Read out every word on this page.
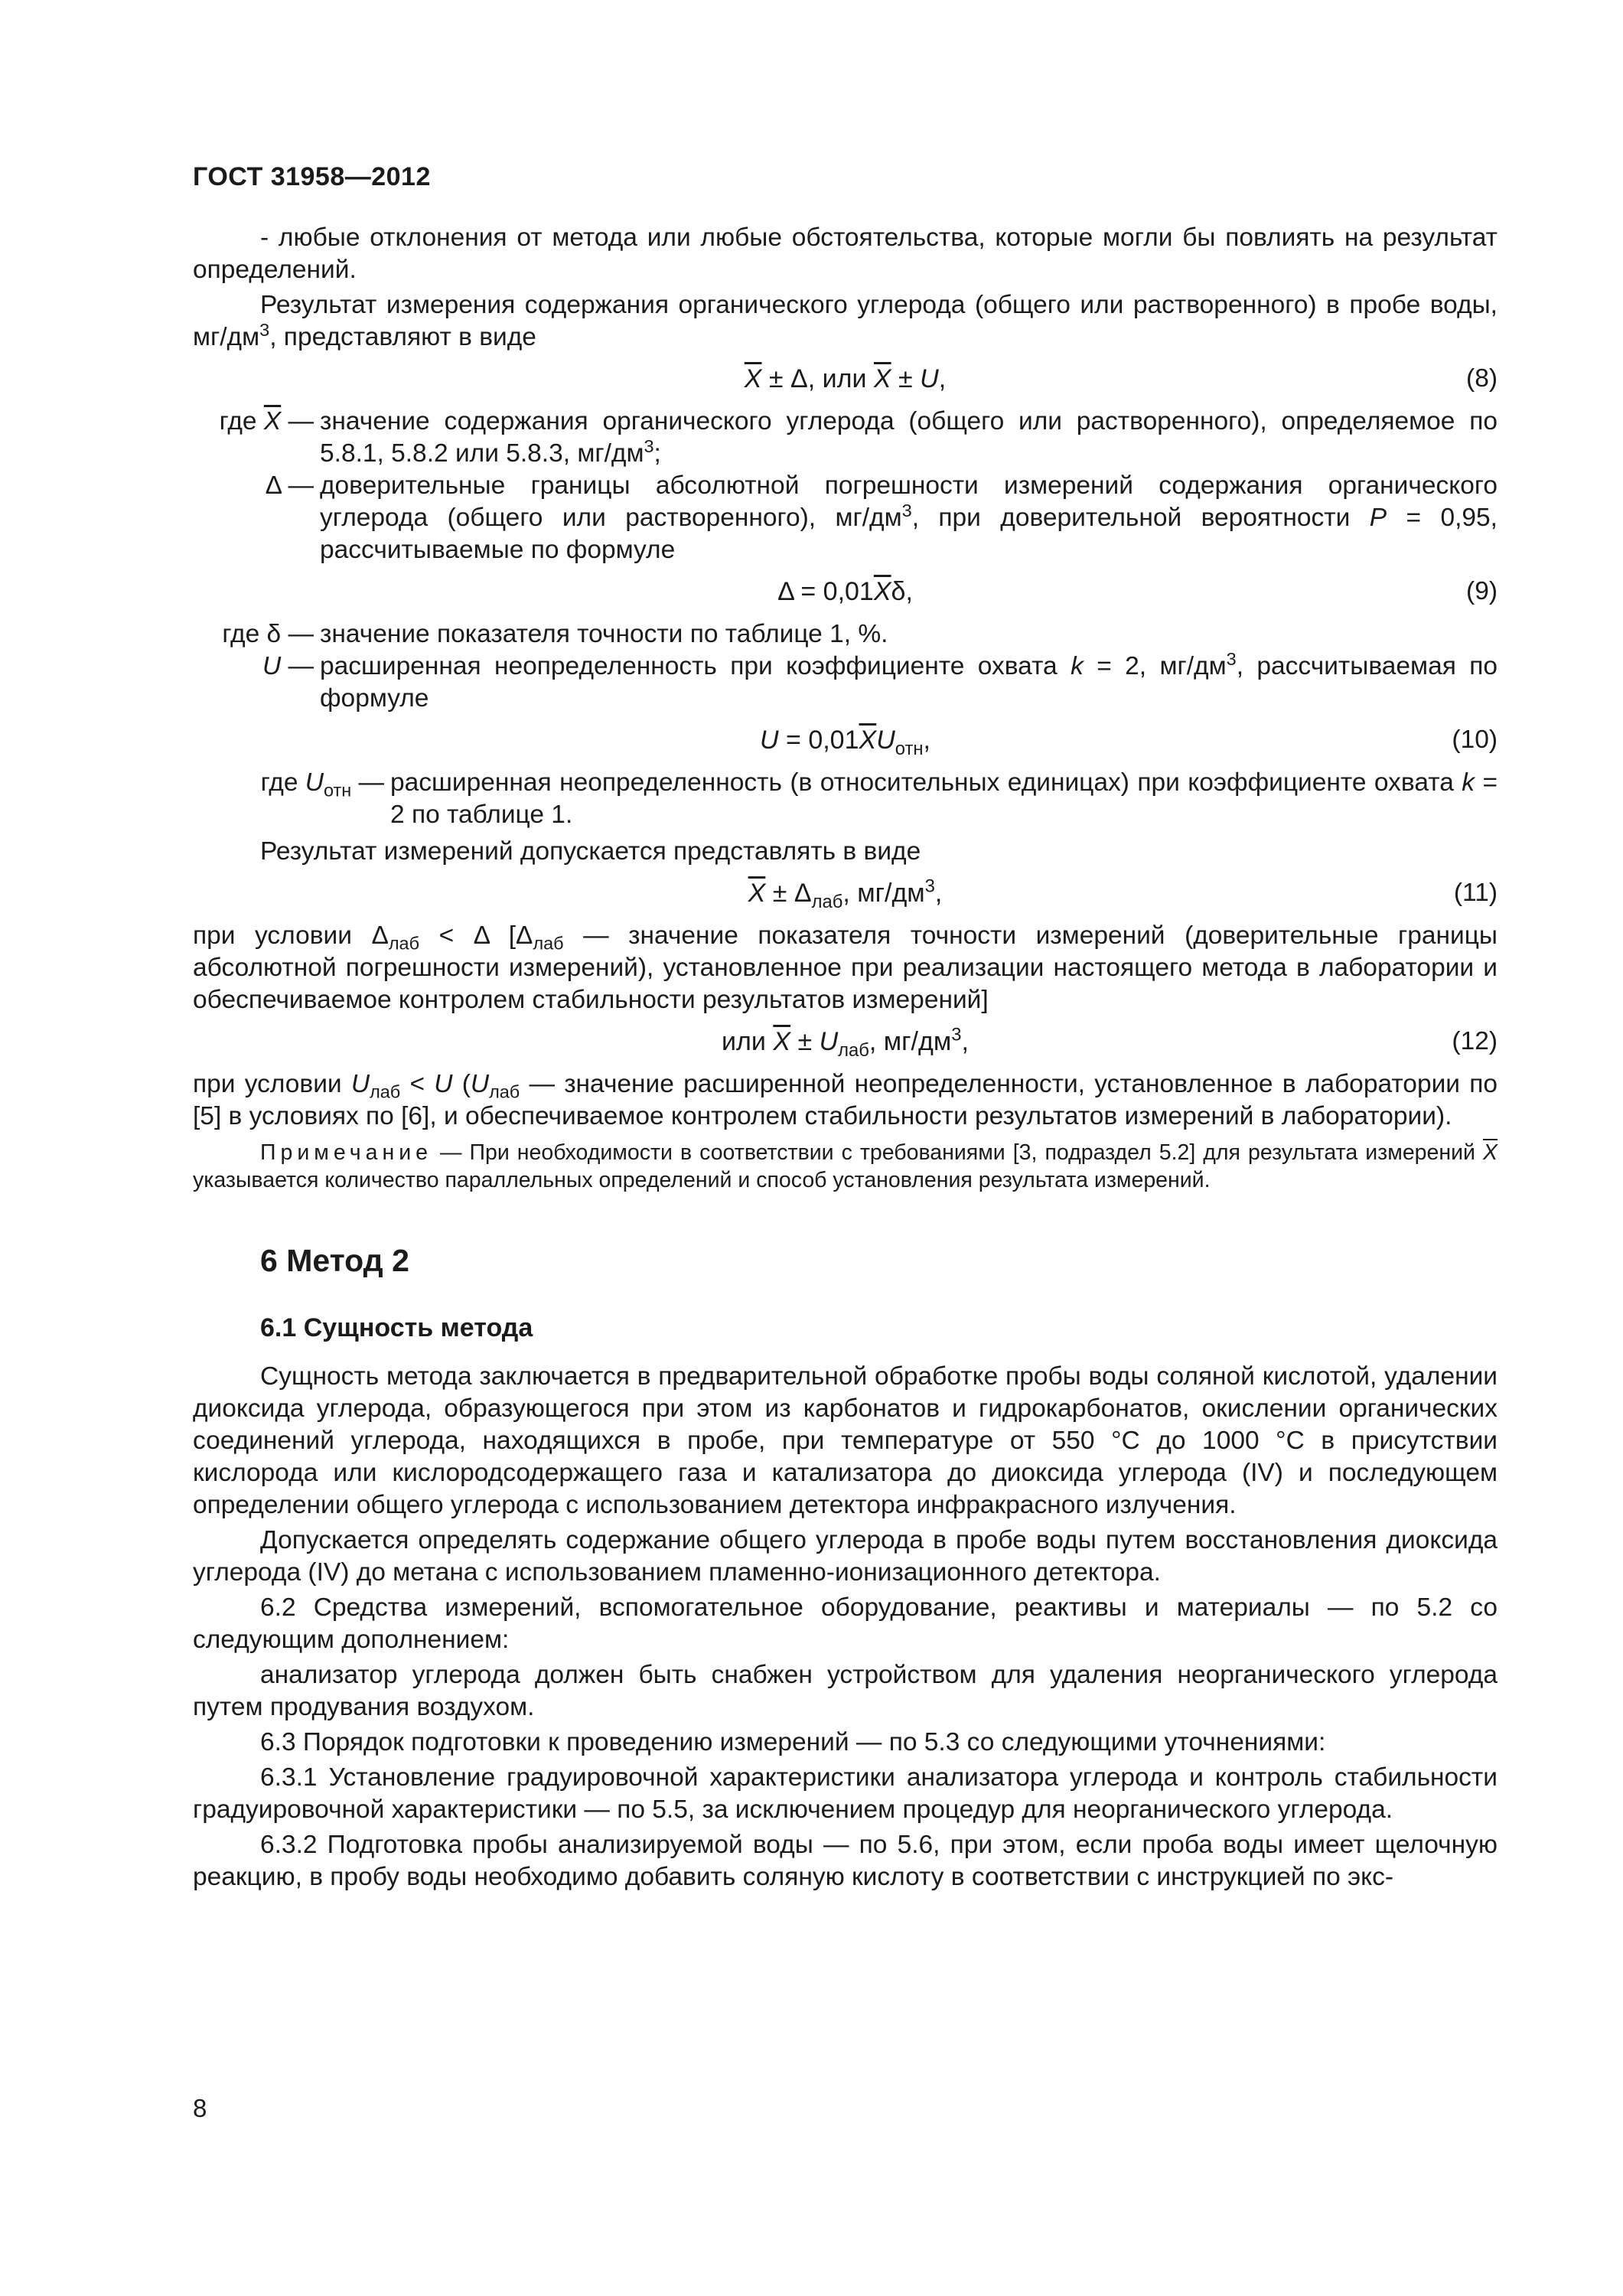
ГОСТ 31958—2012

- любые отклонения от метода или любые обстоятельства, которые могли бы повлиять на результат определений.

Результат измерения содержания органического углерода (общего или растворенного) в пробе воды, $мг/дм^3$, представляют в виде

$\overline{X} \pm \Delta$, или $\overline{X} \pm U$,	(8)
где $\overline{X}$ — значение содержания органического углерода (общего или растворенного), определяемое по 5.8.1, 5.8.2 или 5.8.3, $мг/дм^3$;
Δ — доверительные границы абсолютной погрешности измерений содержания органического углерода (общего или растворенного), $мг/дм^3$, при доверительной вероятности P = 0,95, рассчитываемые по формуле
$\Delta = 0,01\overline{X}\delta$,	(9)
где δ — значение показателя точности по таблице 1, %.
U — расширенная неопределенность при коэффициенте охвата k = 2, $мг/дм^3$, рассчитываемая по формуле
$U = 0,01\overline{X}U_{отн}$,	(10)
где $U_{отн}$ — расширенная неопределенность (в относительных единицах) при коэффициенте охвата k = 2 по таблице 1.

Результат измерений допускается представлять в виде

$\overline{X} \pm \Delta_{лаб}$, $мг/дм^3$,	(11)

при условии $\Delta_{лаб} < \Delta$ [$\Delta_{лаб}$ — значение показателя точности измерений (доверительные границы абсолютной погрешности измерений), установленное при реализации настоящего метода в лаборатории и обеспечиваемое контролем стабильности результатов измерений]

или $\overline{X} \pm U_{лаб}$, $мг/дм^3$,	(12)

при условии $U_{лаб} < U$ ($U_{лаб}$ — значение расширенной неопределенности, установленное в лаборатории по [5] в условиях по [6], и обеспечиваемое контролем стабильности результатов измерений в лаборатории).

Примечание — При необходимости в соответствии с требованиями [3, подраздел 5.2] для результата измерений $\overline{X}$ указывается количество параллельных определений и способ установления результата измерений.

6 Метод 2
6.1 Сущность метода

Сущность метода заключается в предварительной обработке пробы воды соляной кислотой, удалении диоксида углерода, образующегося при этом из карбонатов и гидрокарбонатов, окислении органических соединений углерода, находящихся в пробе, при температуре от 550 °С до 1000 °С в присутствии кислорода или кислородсодержащего газа и катализатора до диоксида углерода (IV) и последующем определении общего углерода с использованием детектора инфракрасного излучения.

Допускается определять содержание общего углерода в пробе воды путем восстановления диоксида углерода (IV) до метана с использованием пламенно-ионизационного детектора.

6.2 Средства измерений, вспомогательное оборудование, реактивы и материалы — по 5.2 со следующим дополнением:

анализатор углерода должен быть снабжен устройством для удаления неорганического углерода путем продувания воздухом.

6.3 Порядок подготовки к проведению измерений — по 5.3 со следующими уточнениями:

6.3.1 Установление градуировочной характеристики анализатора углерода и контроль стабильности градуировочной характеристики — по 5.5, за исключением процедур для неорганического углерода.

6.3.2 Подготовка пробы анализируемой воды — по 5.6, при этом, если проба воды имеет щелочную реакцию, в пробу воды необходимо добавить соляную кислоту в соответствии с инструкцией по экс-

8
